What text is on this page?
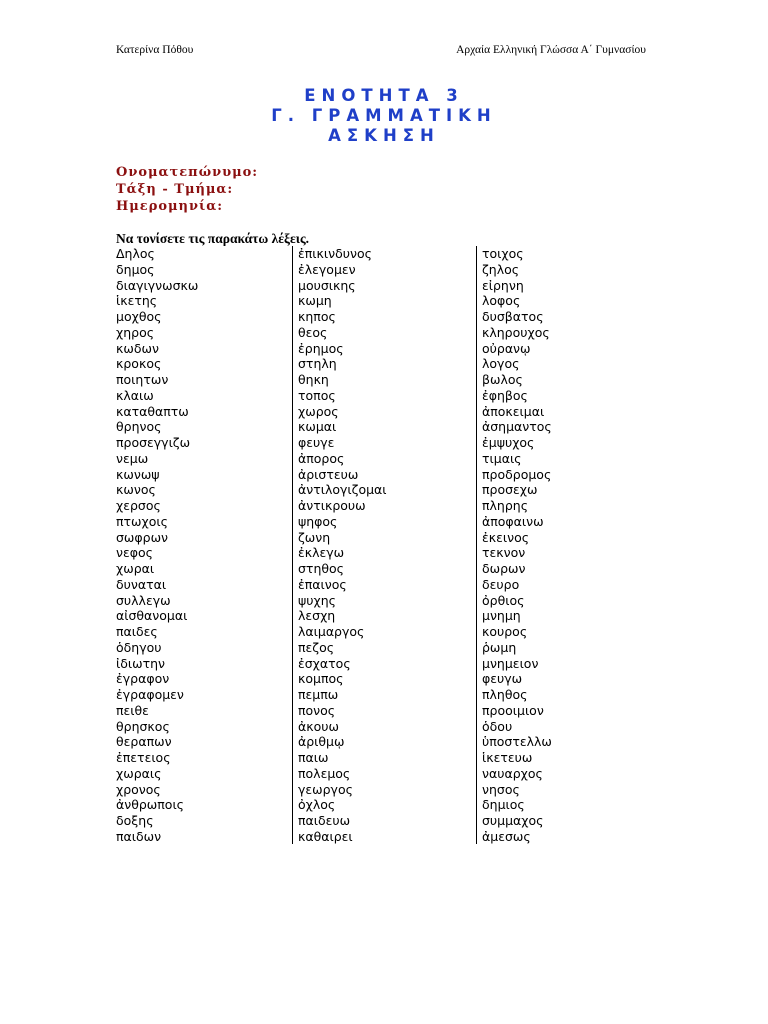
Κατερίνα Πόθου	Αρχαία Ελληνική Γλώσσα Α΄ Γυμνασίου
ΕΝΟΤΗΤΑ 3
Γ. ΓΡΑΜΜΑΤΙΚΗ
ΑΣΚΗΣΗ
Ονοματεπώνυμο:
Τάξη - Τμήμα:
Ημερομηνία:
Να τονίσετε τις παρακάτω λέξεις.
Δηλος
δημος
διαγιγνωσκω
ἱκετης
μοχθος
χηρος
κωδων
κροκος
ποιητων
κλαιω
καταθαπτω
θρηνος
προσεγγιζω
νεμω
κωνωψ
κωνος
χερσος
πτωχοις
σωφρων
νεφος
χωραι
δυναται
συλλεγω
αἰσθανομαι
παιδες
ὁδηγου
ἰδιωτην
ἐγραφον
ἐγραφομεν
πειθε
θρησκος
θεραπων
ἐπετειος
χωραις
χρονος
ἀνθρωποις
δοξης
παιδων
ἐπικινδυνος
ἐλεγομεν
μουσικης
κωμη
κηπος
θεος
ἐρημος
στηλη
θηκη
τοπος
χωρος
κωμαι
φευγε
ἀπορος
ἀριστευω
ἀντιλογιζομαι
ἀντικρουω
ψηφος
ζωνη
ἐκλεγω
στηθος
ἐπαινος
ψυχης
λεσχη
λαιμαργος
πεζος
ἐσχατος
κομπος
πεμπω
πονος
ἀκουω
ἀριθμῳ
παιω
πολεμος
γεωργος
ὀχλος
παιδευω
καθαιρει
τοιχος
ζηλος
εἰρηνη
λοφος
δυσβατος
κληρουχος
οὐρανῳ
λογος
βωλος
ἐφηβος
ἀποκειμαι
ἀσημαντος
ἐμψυχος
τιμαις
προδρομος
προσεχω
πληρης
ἀποφαινω
ἐκεινος
τεκνον
δωρων
δευρο
ὀρθιος
μνημη
κουρος
ῥωμη
μνημειον
φευγω
πληθος
προοιμιον
ὁδου
ὑποστελλω
ἱκετευω
ναυαρχος
νησος
δημιος
συμμαχος
ἀμεσως
